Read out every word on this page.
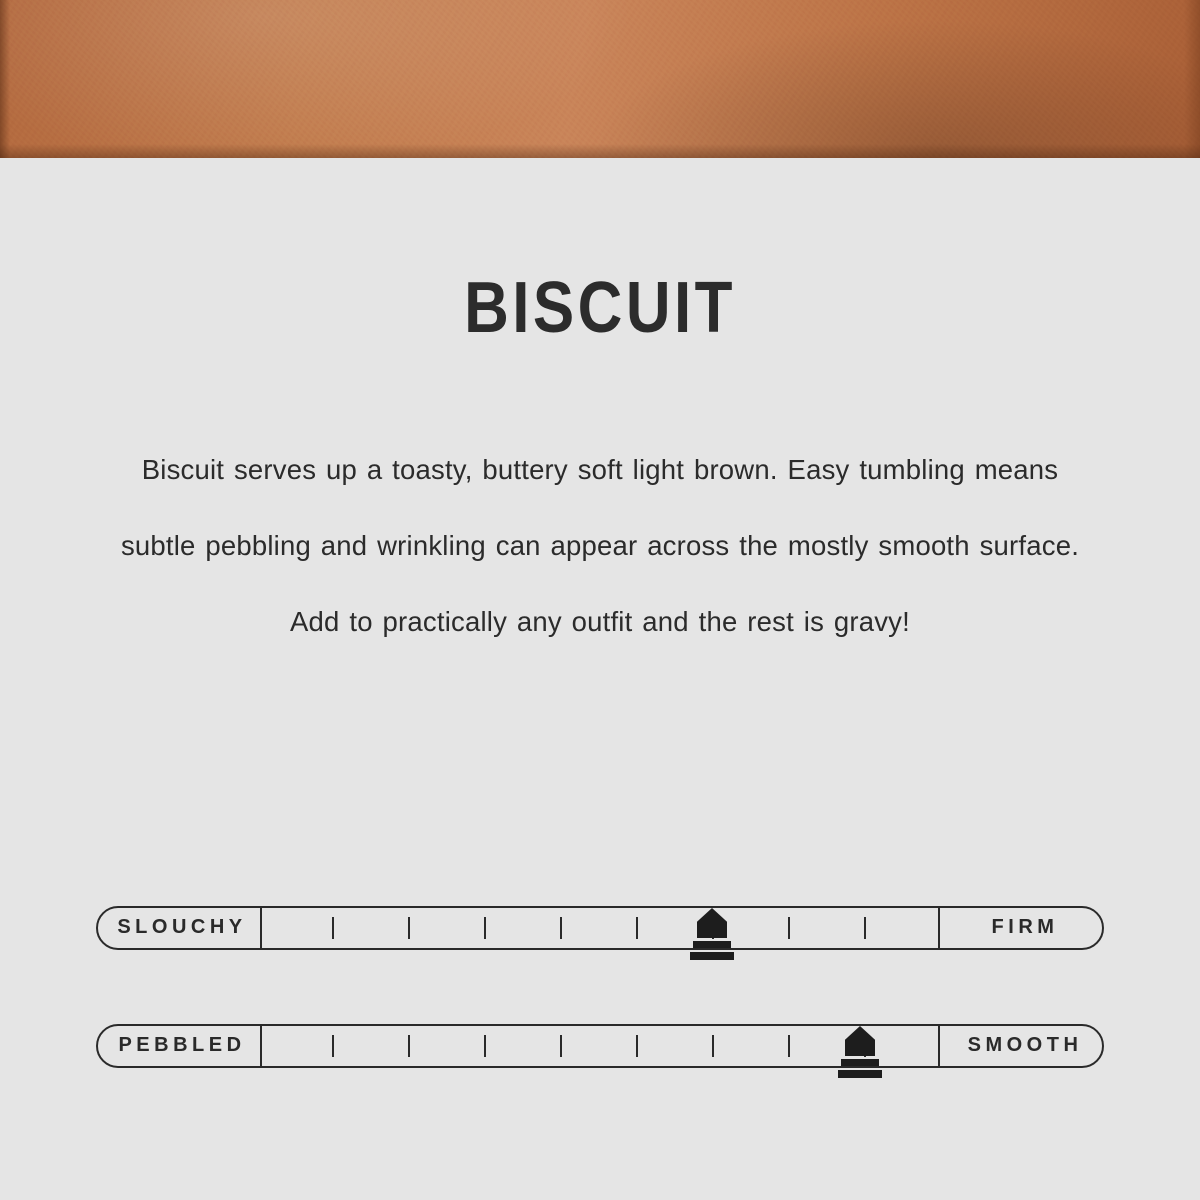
BISCUIT
Biscuit serves up a toasty, buttery soft light brown. Easy tumbling means subtle pebbling and wrinkling can appear across the mostly smooth surface. Add to practically any outfit and the rest is gravy!
SLOUCHY	FIRM
PEBBLED	SMOOTH
